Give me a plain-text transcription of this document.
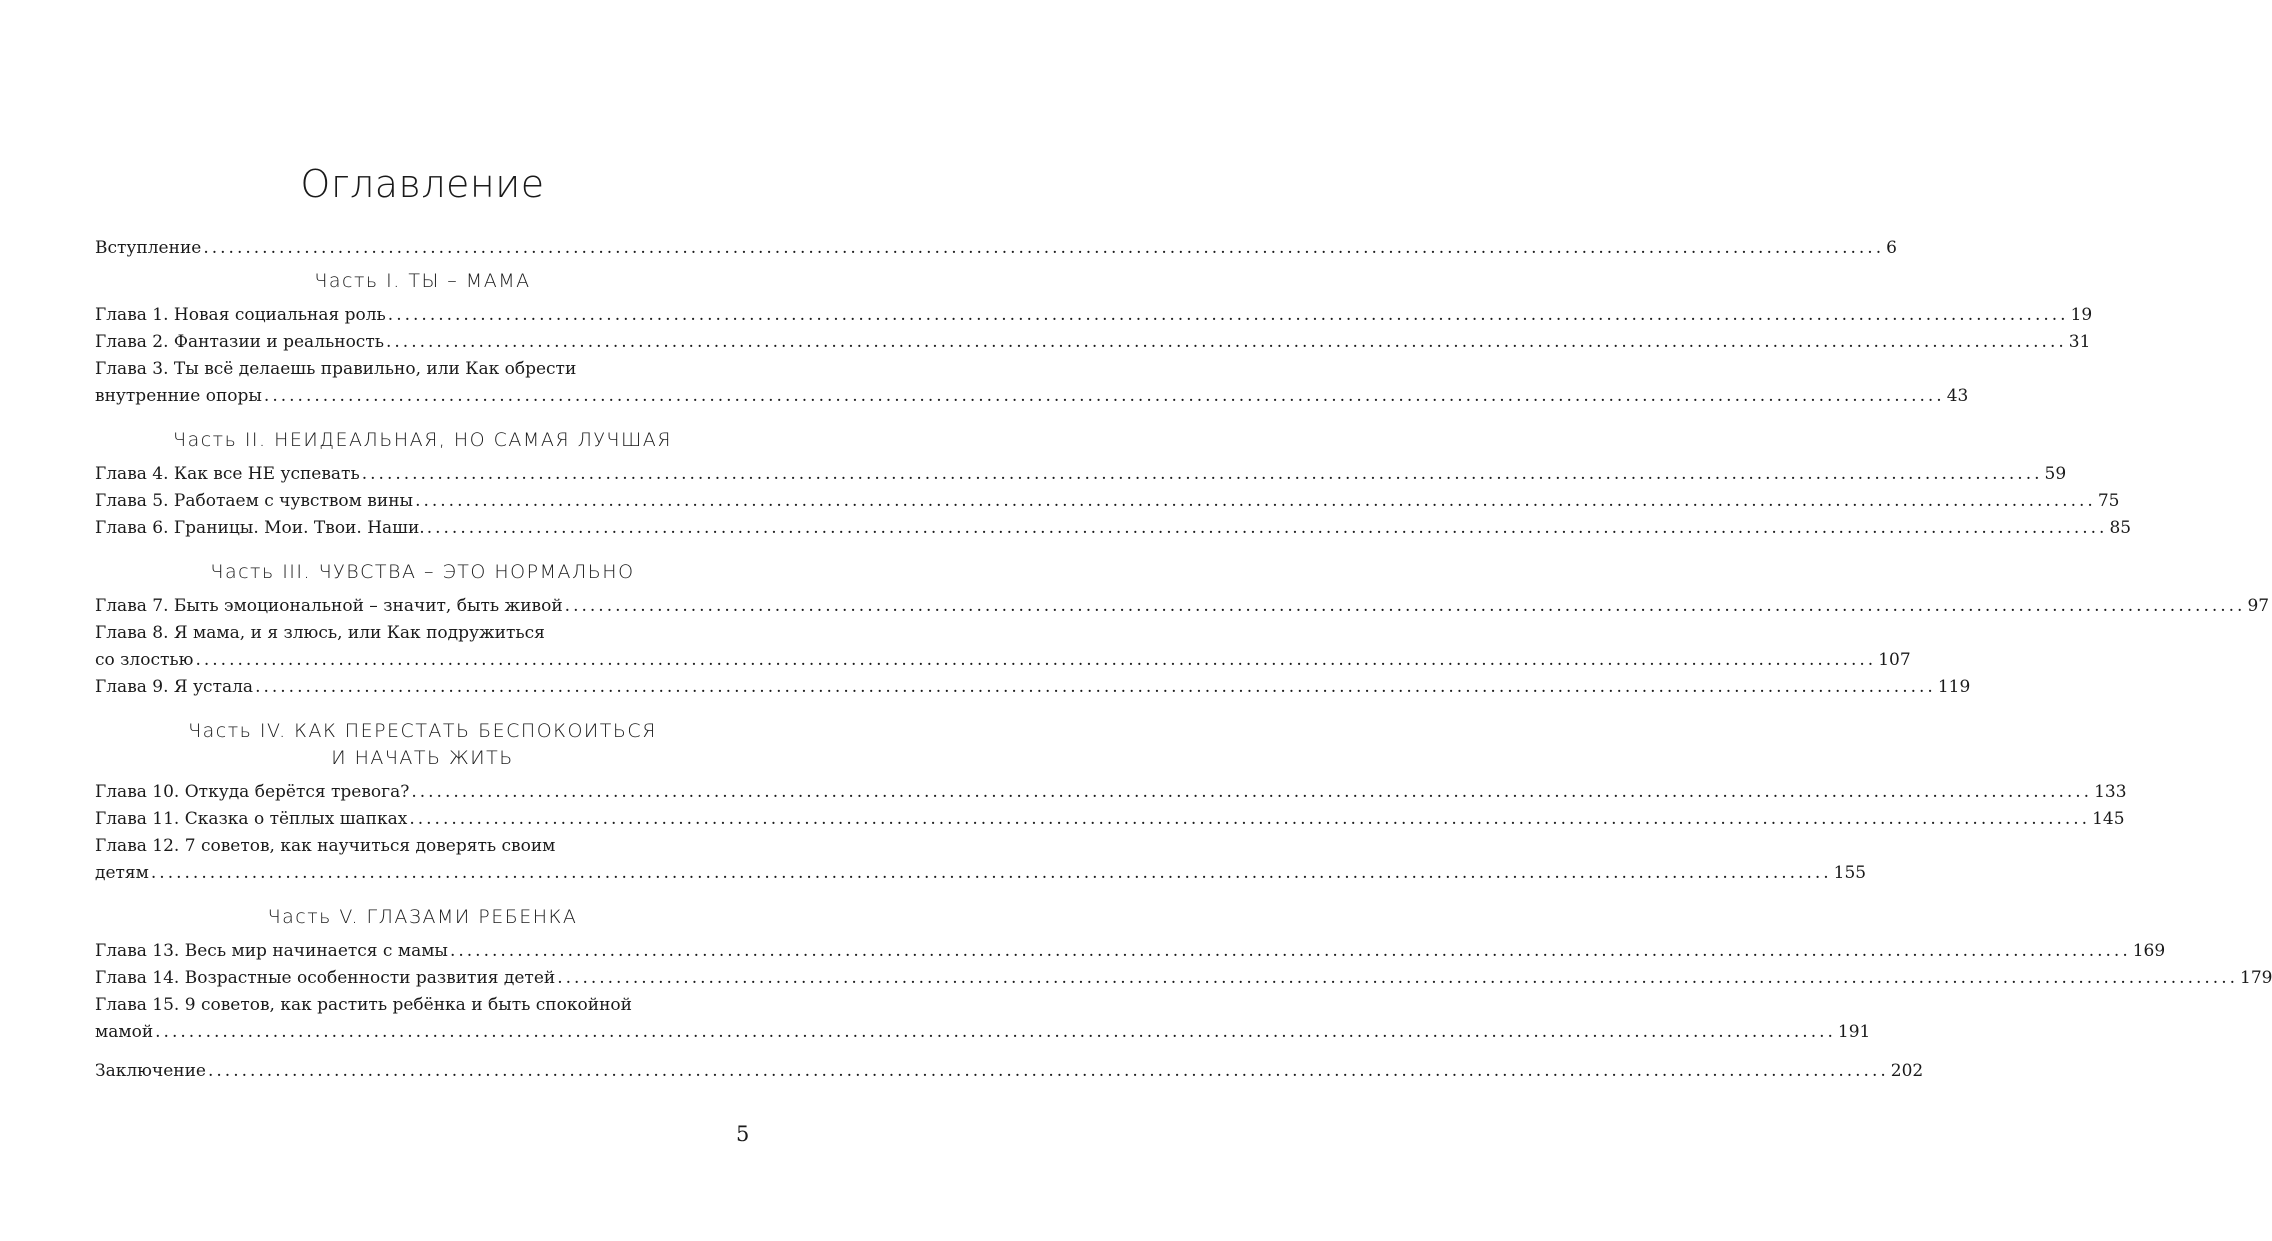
Оглавление
Часть I. ТЫ – МАМА
Часть II. НЕИДЕАЛЬНАЯ, НО САМАЯ ЛУЧШАЯ
Часть III. ЧУВСТВА – ЭТО НОРМАЛЬНО
Часть IV. КАК ПЕРЕСТАТЬ БЕСПОКОИТЬСЯ
И НАЧАТЬ ЖИТЬ
Часть V. ГЛАЗАМИ РЕБЕНКА
Вступление ........................................................................................................................................................................................................ 6
Глава 1. Новая социальная роль ........................................................................................................................................................................................................ 19
Глава 2. Фантазии и реальность ........................................................................................................................................................................................................ 31
Глава 3. Ты всё делаешь правильно, или Как обрести
внутренние опоры ........................................................................................................................................................................................................ 43
Глава 4. Как все НЕ успевать ........................................................................................................................................................................................................ 59
Глава 5. Работаем с чувством вины ........................................................................................................................................................................................................ 75
Глава 6. Границы. Мои. Твои. Наши. ........................................................................................................................................................................................................ 85
Глава 7. Быть эмоциональной – значит, быть живой ........................................................................................................................................................................................................ 97
Глава 8. Я мама, и я злюсь, или Как подружиться
со злостью ........................................................................................................................................................................................................ 107
Глава 9. Я устала ........................................................................................................................................................................................................ 119
Глава 10. Откуда берётся тревога? ........................................................................................................................................................................................................ 133
Глава 11. Сказка о тёплых шапках ........................................................................................................................................................................................................ 145
Глава 12. 7 советов, как научиться доверять своим
детям ........................................................................................................................................................................................................ 155
Глава 13. Весь мир начинается с мамы ........................................................................................................................................................................................................ 169
Глава 14. Возрастные особенности развития детей ........................................................................................................................................................................................................ 179
Глава 15. 9 советов, как растить ребёнка и быть спокойной
мамой ........................................................................................................................................................................................................ 191
Заключение ........................................................................................................................................................................................................ 202
5
